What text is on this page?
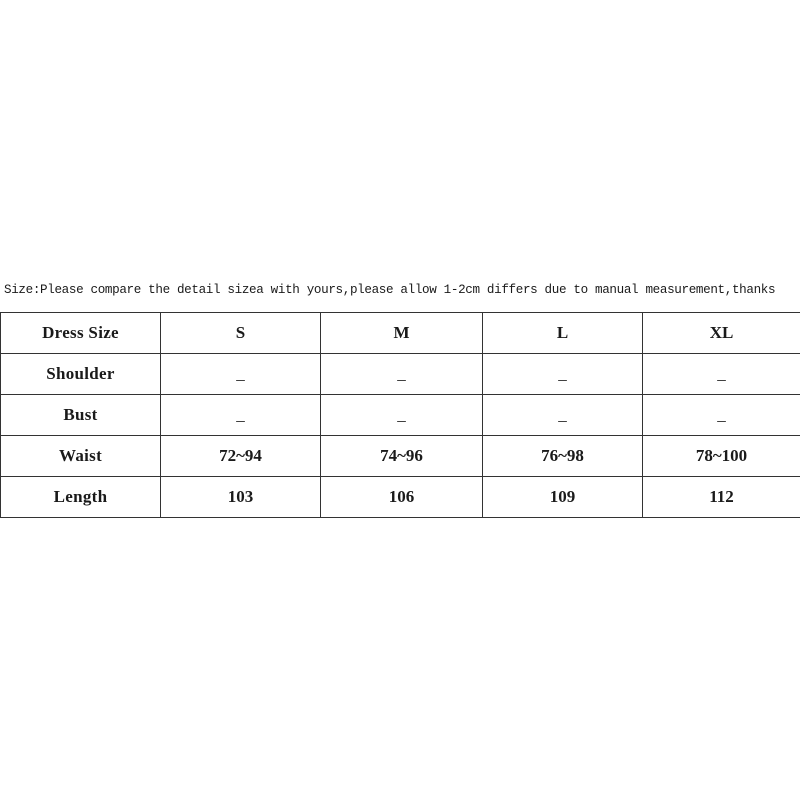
Size:Please compare the detail sizea with yours,please allow 1-2cm differs due to manual measurement,thanks
Dress Size	S	M	L	XL
Shoulder	_	_	_	_
Bust	_	_	_	_
Waist	72~94	74~96	76~98	78~100
Length	103	106	109	112
